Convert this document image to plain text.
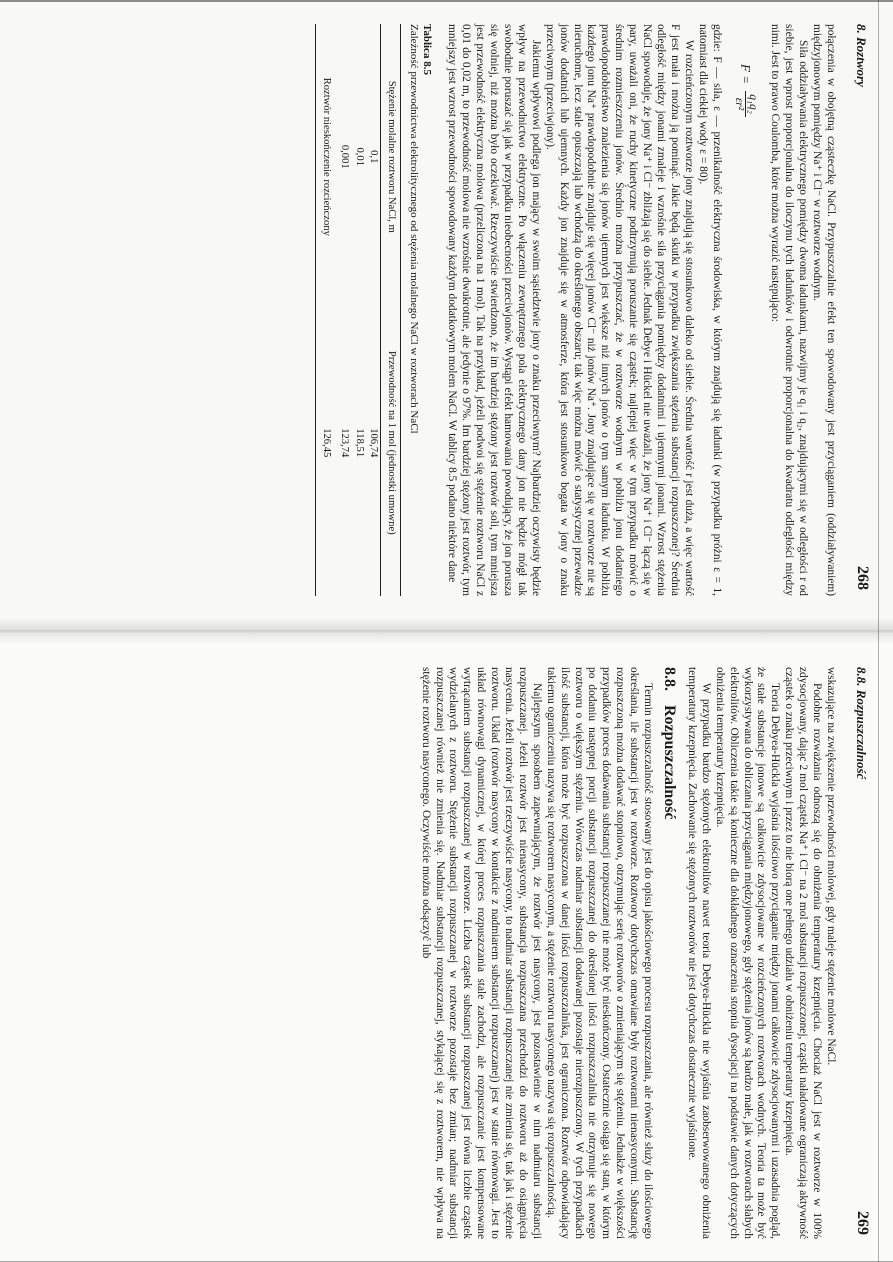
8. Roztwory
268

połączenia w obojętną cząsteczkę NaCl. Przypuszczalnie efekt ten spowodowany jest przyciąganiem (oddziaływaniem) międzyjonowym pomiędzy Na⁺ i Cl⁻ w roztworze wodnym.

Siła oddziaływania elektrycznego pomiędzy dwoma ładunkami, nazwijmy je q₁ i q₂, znajdującymi się w odległości r od siebie, jest wprost proporcjonalna do iloczynu tych ładunków i odwrotnie proporcjonalna do kwadratu odległości między nimi. Jest to prawo Coulomba, które można wyrazić następująco:

F =
q₁q₂
εr²

gdzie: F — siła, ε — przenikalność elektryczna środowiska, w którym znajdują się ładunki (w przypadku próżni ε = 1, natomiast dla ciekłej wody ε = 80).

W rozcieńczonym roztworze jony znajdują się stosunkowo daleko od siebie. Średnia wartość r jest duża, a więc wartość F jest mała i można ją pominąć. Jakie będą skutki w przypadku zwiększania stężenia substancji rozpuszczonej? Średnia odległość między jonami zmaleje i wzrośnie siła przyciągania pomiędzy dodatnimi i ujemnymi jonami. Wzrost stężenia NaCl spowoduje, że jony Na⁺ i Cl⁻ zbliżają się do siebie. Jednak Debye i Hückel nie uważali, że jony Na⁺ i Cl⁻ łączą się w pary, uważali oni, że ruchy kinetyczne podtrzymują poruszanie się cząstek; najlepiej więc w tym przypadku mówić o średnim rozmieszczeniu jonów. Średnio można przypuszczać, że w roztworze wodnym w pobliżu jonu dodatniego prawdopodobieństwo znalezienia się jonów ujemnych jest większe niż innych jonów o tym samym ładunku. W pobliżu każdego jonu Na⁺ prawdopodobnie znajduje się więcej jonów Cl⁻ niż jonów Na⁺. Jony znajdujące się w roztworze nie są nieruchome, lecz stale opuszczają lub wchodzą do określonego obszaru; tak więc można mówić o statystycznej przewadze jonów dodatnich lub ujemnych. Każdy jon znajduje się w atmosferze, która jest stosunkowo bogata w jony o znaku przeciwnym (przeciwjony).

Jakiemu wpływowi podlega jon mający w swoim sąsiedztwie jony o znaku przeciwnym? Najbardziej oczywisty będzie wpływ na przewodnictwo elektryczne. Po włączeniu zewnętrznego pola elektrycznego dany jon nie będzie mógł tak swobodnie poruszać się jak w przypadku nieobecności przeciwjonów. Wystąpi efekt hamowania powodujący, że jon porusza się wolniej, niż można było oczekiwać. Rzeczywiście stwierdzono, że im bardziej stężony jest roztwór soli, tym mniejsza jest przewodność elektryczna molowa (przeliczona na 1 mol). Tak na przykład, jeżeli podwoi się stężenie roztworu NaCl z 0,01 do 0,02 m, to przewodność molowa nie wzrośnie dwukrotnie, ale jedynie o 97%. Im bardziej stężony jest roztwór, tym mniejszy jest wzrost przewodności spowodowany każdym dodatkowym molem NaCl. W tablicy 8.5 podano niektóre dane

Tablica 8.5
Zależność przewodnictwa elektrolitycznego od stężenia molalnego NaCl w roztworach NaCl
Stężenie molalne roztworu NaCl, m	Przewodność na 1 mol (jednostki umowne)
0,1	106,74
0,01	118,51
0,001	123,74
Roztwór nieskończenie rozcieńczony	126,45
8.8. Rozpuszczalność
269

wskazujące na zwiększenie przewodności molowej, gdy maleje stężenie molowe NaCl.

Podobne rozważania odnoszą się do obniżenia temperatury krzepnięcia. Chociaż NaCl jest w roztworze w 100% zdysocjowany, dając 2 mol cząstek Na⁺ i Cl⁻ na 2 mol substancji rozpuszczonej, cząstki naładowane ograniczają aktywność cząstek o znaku przeciwnym i przez to nie biorą one pełnego udziału w obniżeniu temperatury krzepnięcia.

Teoria Debyea-Hückla wyjaśnia ilościowo przyciąganie między jonami całkowicie zdysocjowanymi i uzasadnia pogląd, że stałe substancje jonowe są całkowicie zdysocjowane w rozcieńczonych roztworach wodnych. Teoria ta może być wykorzystywana do obliczania przyciągania międzyjonowego, gdy stężenia jonów są bardzo małe, jak w roztworach słabych elektrolitów. Obliczenia takie są konieczne dla dokładnego oznaczenia stopnia dysocjacji na podstawie danych dotyczących obniżenia temperatury krzepnięcia.

W przypadku bardzo stężonych elektrolitów nawet teoria Debyea-Hückla nie wyjaśnia zaobserwowanego obniżenia temperatury krzepnięcia. Zachowanie się stężonych roztworów nie jest dotychczas dostatecznie wyjaśnione.

8.8.Rozpuszczalność

Termin rozpuszczalność stosowany jest do opisu jakościowego procesu rozpuszczania, ale również służy do ilościowego określania, ile substancji jest w roztworze. Roztwory dotychczas omawiane były roztworami nienasyconymi. Substancję rozpuszczoną można dodawać stopniowo, otrzymując serię roztworów o zmieniającym się stężeniu. Jednakże w większości przypadków proces dodawania substancji rozpuszczanej nie może być nieskończony. Ostatecznie osiąga się stan, w którym po dodaniu następnej porcji substancji rozpuszczanej do określonej ilości rozpuszczalnika nie otrzymuje się nowego roztworu o większym stężeniu. Wówczas nadmiar substancji dodawanej pozostaje nierozpuszczony. W tych przypadkach ilość substancji, która może być rozpuszczona w danej ilości rozpuszczalnika, jest ograniczona. Roztwór odpowiadający takiemu ograniczeniu nazywa się roztworem nasyconym, a stężenie roztworu nasyconego nazywa się rozpuszczalnością.

Najlepszym sposobem zapewniającym, że roztwór jest nasycony, jest pozostawienie w nim nadmiaru substancji rozpuszczanej. Jeżeli roztwór jest nienasycony, substancja rozpuszczana przechodzi do roztworu aż do osiągnięcia nasycenia. Jeżeli roztwór jest rzeczywiście nasycony, to nadmiar substancji rozpuszczanej nie zmienia się, tak jak i stężenie roztworu. Układ (roztwór nasycony w kontakcie z nadmiarem substancji rozpuszczanej) jest w stanie równowagi. Jest to układ równowagi dynamicznej, w której proces rozpuszczania stale zachodzi, ale rozpuszczanie jest kompensowane wytrącaniem substancji rozpuszczanej w roztworze. Liczba cząstek substancji rozpuszczanej jest równa liczbie cząstek wydzielanych z roztworu. Stężenie substancji rozpuszczanej w roztworze pozostaje bez zmian; nadmiar substancji rozpuszczanej również nie zmienia się. Nadmiar substancji rozpuszczanej, stykającej się z roztworem, nie wpływa na stężenie roztworu nasyconego. Oczywiście można odsączyć lub
